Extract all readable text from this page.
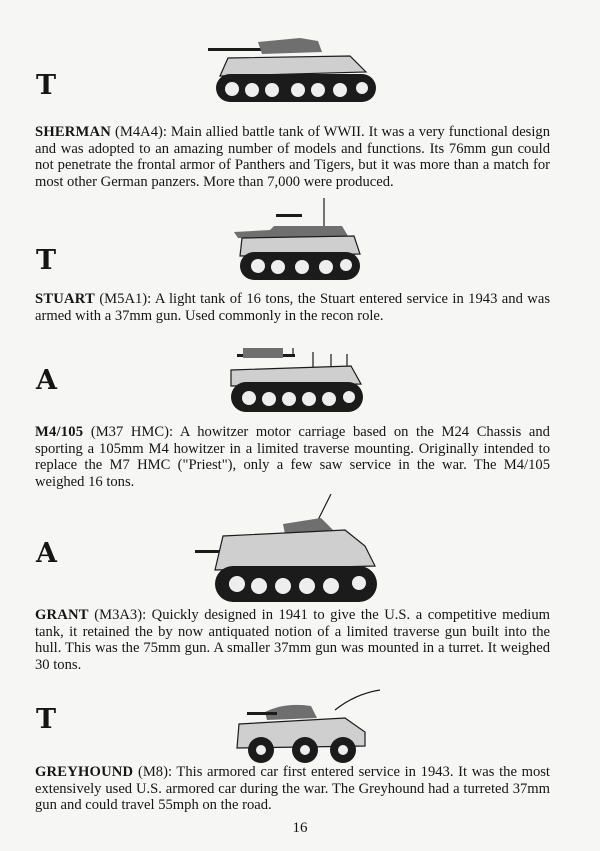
T

SHERMAN (M4A4): Main allied battle tank of WWII. It was a very functional design and was adopted to an amazing number of models and functions. Its 76mm gun could not penetrate the frontal armor of Panthers and Tigers, but it was more than a match for most other German panzers. More than 7,000 were produced.

T

STUART (M5A1): A light tank of 16 tons, the Stuart entered service in 1943 and was armed with a 37mm gun. Used commonly in the recon role.

A

M4/105 (M37 HMC): A howitzer motor carriage based on the M24 Chassis and sporting a 105mm M4 howitzer in a limited traverse mounting. Originally intended to replace the M7 HMC ("Priest"), only a few saw service in the war. The M4/105 weighed 16 tons.

A

GRANT (M3A3): Quickly designed in 1941 to give the U.S. a competitive medium tank, it retained the by now antiquated notion of a limited traverse gun built into the hull. This was the 75mm gun. A smaller 37mm gun was mounted in a turret. It weighed 30 tons.

T

GREYHOUND (M8): This armored car first entered service in 1943. It was the most extensively used U.S. armored car during the war. The Greyhound had a turreted 37mm gun and could travel 55mph on the road.

16
